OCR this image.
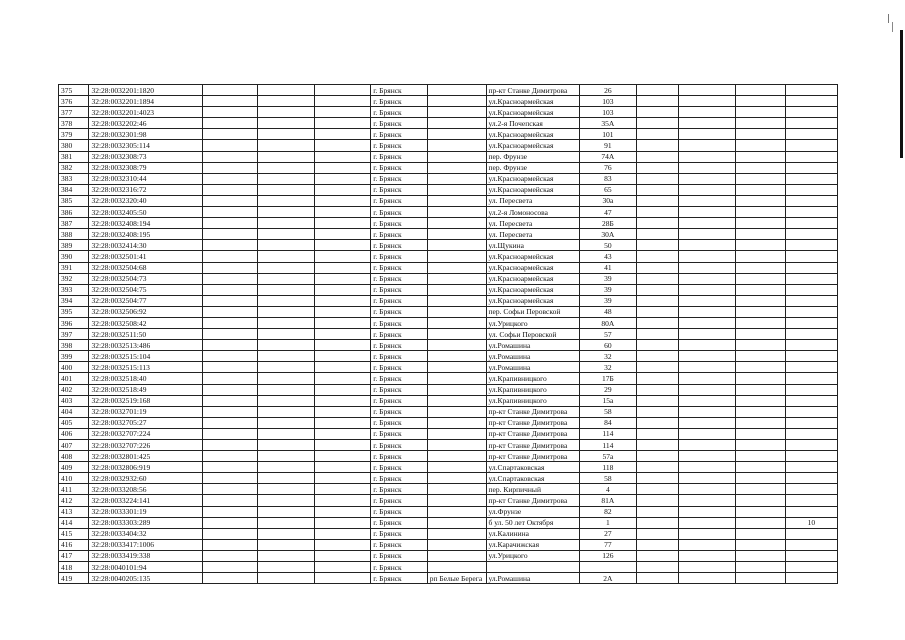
375	32:28:0032201:1820				г. Брянск		пр-кт Станке Димитрова	26				
376	32:28:0032201:1894				г. Брянск		ул.Красноармейская	103				
377	32:28:0032201:4023				г. Брянск		ул.Красноармейская	103				
378	32:28:0032202:46				г. Брянск		ул.2-я Почепская	35А				
379	32:28:0032301:98				г. Брянск		ул.Красноармейская	101				
380	32:28:0032305:114				г. Брянск		ул.Красноармейская	91				
381	32:28:0032308:73				г. Брянск		пер. Фрунзе	74А				
382	32:28:0032308:79				г. Брянск		пер. Фрунзе	76				
383	32:28:0032310:44				г. Брянск		ул.Красноармейская	83				
384	32:28:0032316:72				г. Брянск		ул.Красноармейская	65				
385	32:28:0032320:40				г. Брянск		ул. Пересвета	30а				
386	32:28:0032405:50				г. Брянск		ул.2-я Ломоносова	47				
387	32:28:0032408:194				г. Брянск		ул. Пересвета	28Б				
388	32:28:0032408:195				г. Брянск		ул. Пересвета	30А				
389	32:28:0032414:30				г. Брянск		ул.Щукина	50				
390	32:28:0032501:41				г. Брянск		ул.Красноармейская	43				
391	32:28:0032504:68				г. Брянск		ул.Красноармейская	41				
392	32:28:0032504:73				г. Брянск		ул.Красноармейская	39				
393	32:28:0032504:75				г. Брянск		ул.Красноармейская	39				
394	32:28:0032504:77				г. Брянск		ул.Красноармейская	39				
395	32:28:0032506:92				г. Брянск		пер. Софьи Перовской	48				
396	32:28:0032508:42				г. Брянск		ул.Урицкого	80А				
397	32:28:0032511:50				г. Брянск		ул. Софьи Перовской	57				
398	32:28:0032513:486				г. Брянск		ул.Ромашина	60				
399	32:28:0032515:104				г. Брянск		ул.Ромашина	32				
400	32:28:0032515:113				г. Брянск		ул.Ромашина	32				
401	32:28:0032518:40				г. Брянск		ул.Крапивницкого	17Б				
402	32:28:0032518:49				г. Брянск		ул.Крапивницкого	29				
403	32:28:0032519:168				г. Брянск		ул.Крапивницкого	15а				
404	32:28:0032701:19				г. Брянск		пр-кт Станке Димитрова	58				
405	32:28:0032705:27				г. Брянск		пр-кт Станке Димитрова	84				
406	32:28:0032707:224				г. Брянск		пр-кт Станке Димитрова	114				
407	32:28:0032707:226				г. Брянск		пр-кт Станке Димитрова	114				
408	32:28:0032801:425				г. Брянск		пр-кт Станке Димитрова	57а				
409	32:28:0032806:919				г. Брянск		ул.Спартаковская	118				
410	32:28:0032932:60				г. Брянск		ул.Спартаковская	58				
411	32:28:0033208:56				г. Брянск		пер. Кирпичный	4				
412	32:28:0033224:141				г. Брянск		пр-кт Станке Димитрова	81А				
413	32:28:0033301:19				г. Брянск		ул.Фрунзе	82				
414	32:28:0033303:289				г. Брянск		б ул. 50 лет Октября	1				10
415	32:28:0033404:32				г. Брянск		ул.Калинина	27				
416	32:28:0033417:1006				г. Брянск		ул.Карачижская	77				
417	32:28:0033419:338				г. Брянск		ул.Урицкого	126				
418	32:28:0040101:94				г. Брянск							
419	32:28:0040205:135				г. Брянск	рп Белые Берега	ул.Ромашина	2А				
